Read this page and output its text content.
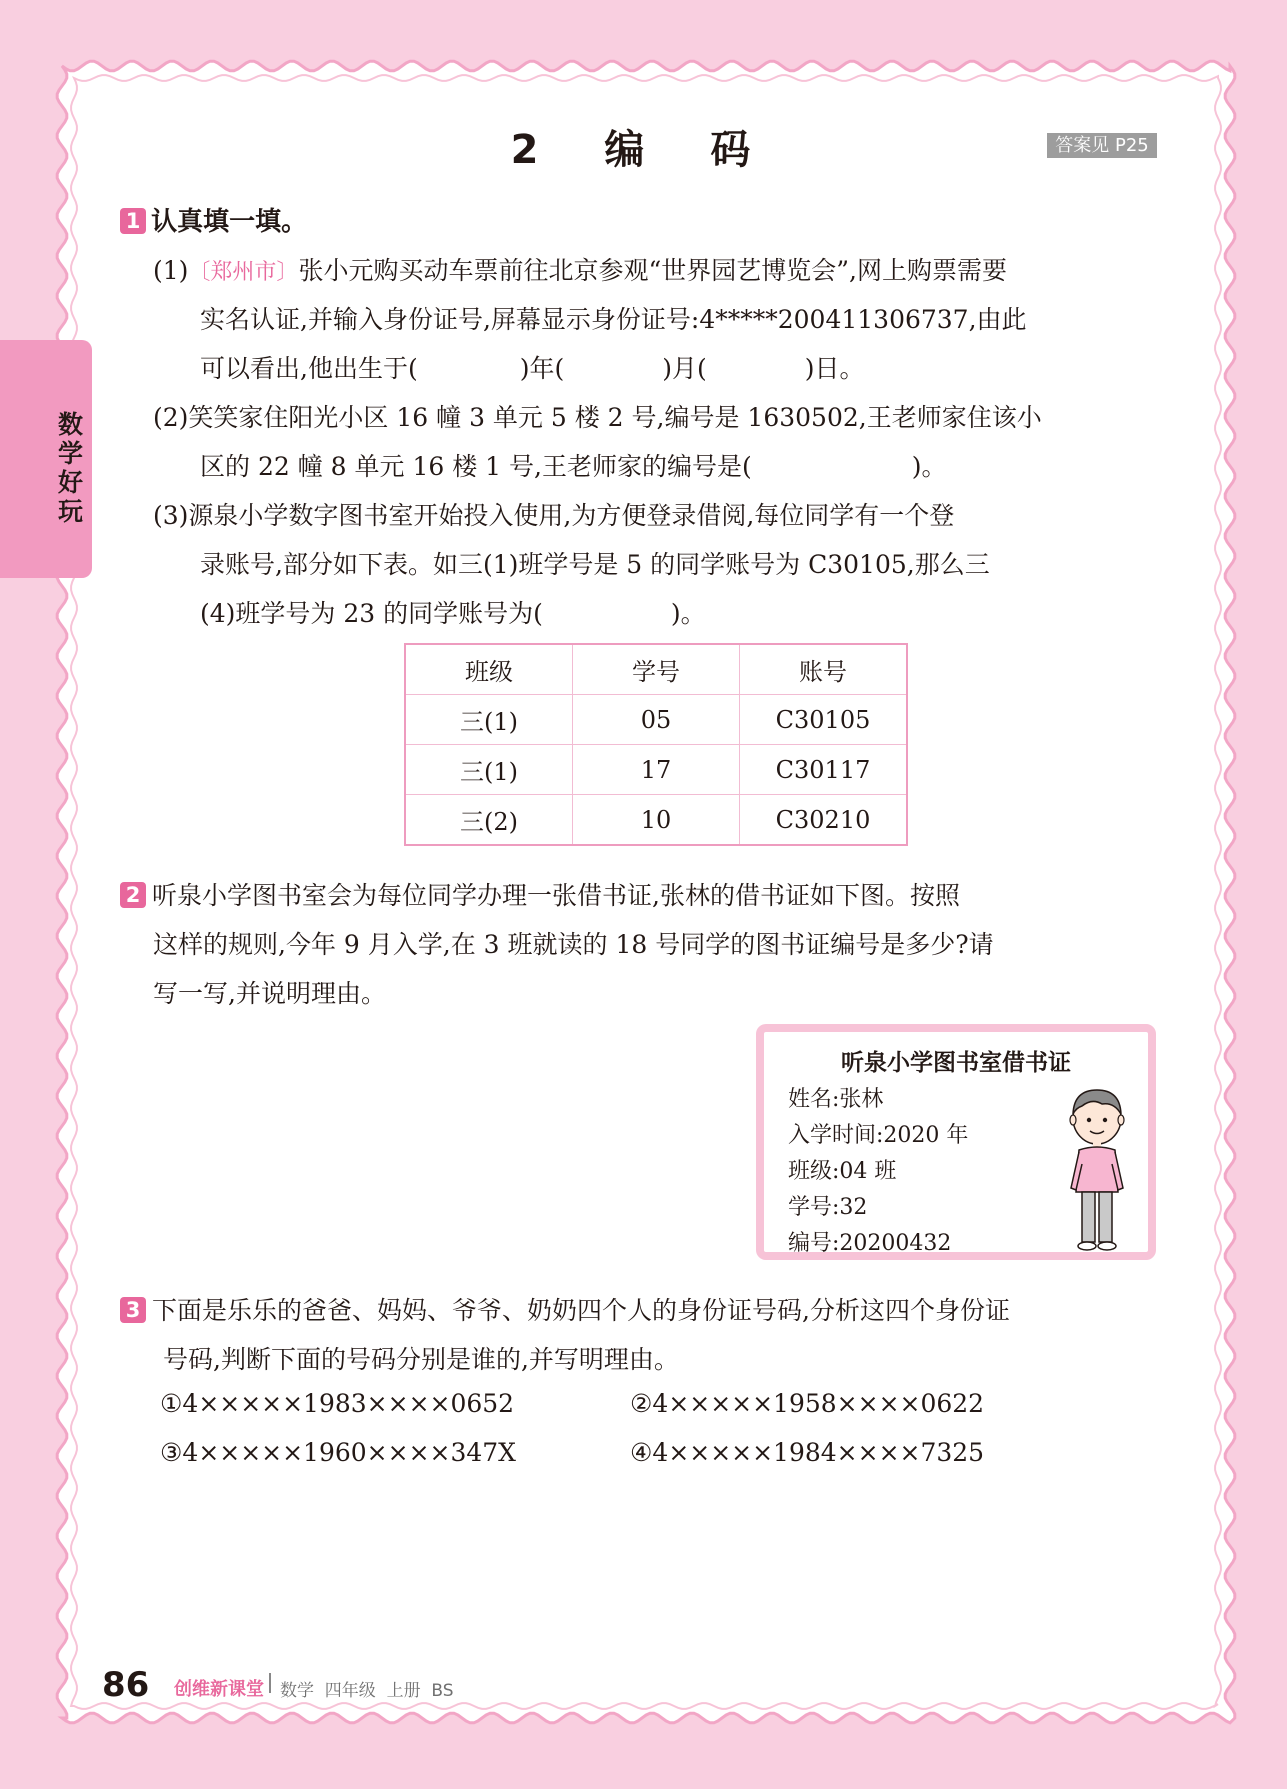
2 编 码	答案见 P25
数学好玩
1 认真填一填。
(1)〔郑州市〕张小元购买动车票前往北京参观“世界园艺博览会”,网上购票需要
实名认证,并输入身份证号,屏幕显示身份证号:4*****200411306737,由此
可以看出,他出生于(	)年(	)月(	)日。
(2)笑笑家住阳光小区 16 幢 3 单元 5 楼 2 号,编号是 1630502,王老师家住该小
区的 22 幢 8 单元 16 楼 1 号,王老师家的编号是(	)。
(3)源泉小学数字图书室开始投入使用,为方便登录借阅,每位同学有一个登
录账号,部分如下表。如三(1)班学号是 5 的同学账号为 C30105,那么三
(4)班学号为 23 的同学账号为(	)。
班级	学号	账号
三(1)	05	C30105
三(1)	17	C30117
三(2)	10	C30210
2 听泉小学图书室会为每位同学办理一张借书证,张林的借书证如下图。按照
这样的规则,今年 9 月入学,在 3 班就读的 18 号同学的图书证编号是多少?请
写一写,并说明理由。
听泉小学图书室借书证
姓名:张林
入学时间:2020 年
班级:04 班
学号:32
编号:20200432
3 下面是乐乐的爸爸、妈妈、爷爷、奶奶四个人的身份证号码,分析这四个身份证
号码,判断下面的号码分别是谁的,并写明理由。
①4×××××1983××××0652	②4×××××1958××××0622
③4×××××1960××××347X	④4×××××1984××××7325
86 创维新课堂 数学  四年级  上册  BS
